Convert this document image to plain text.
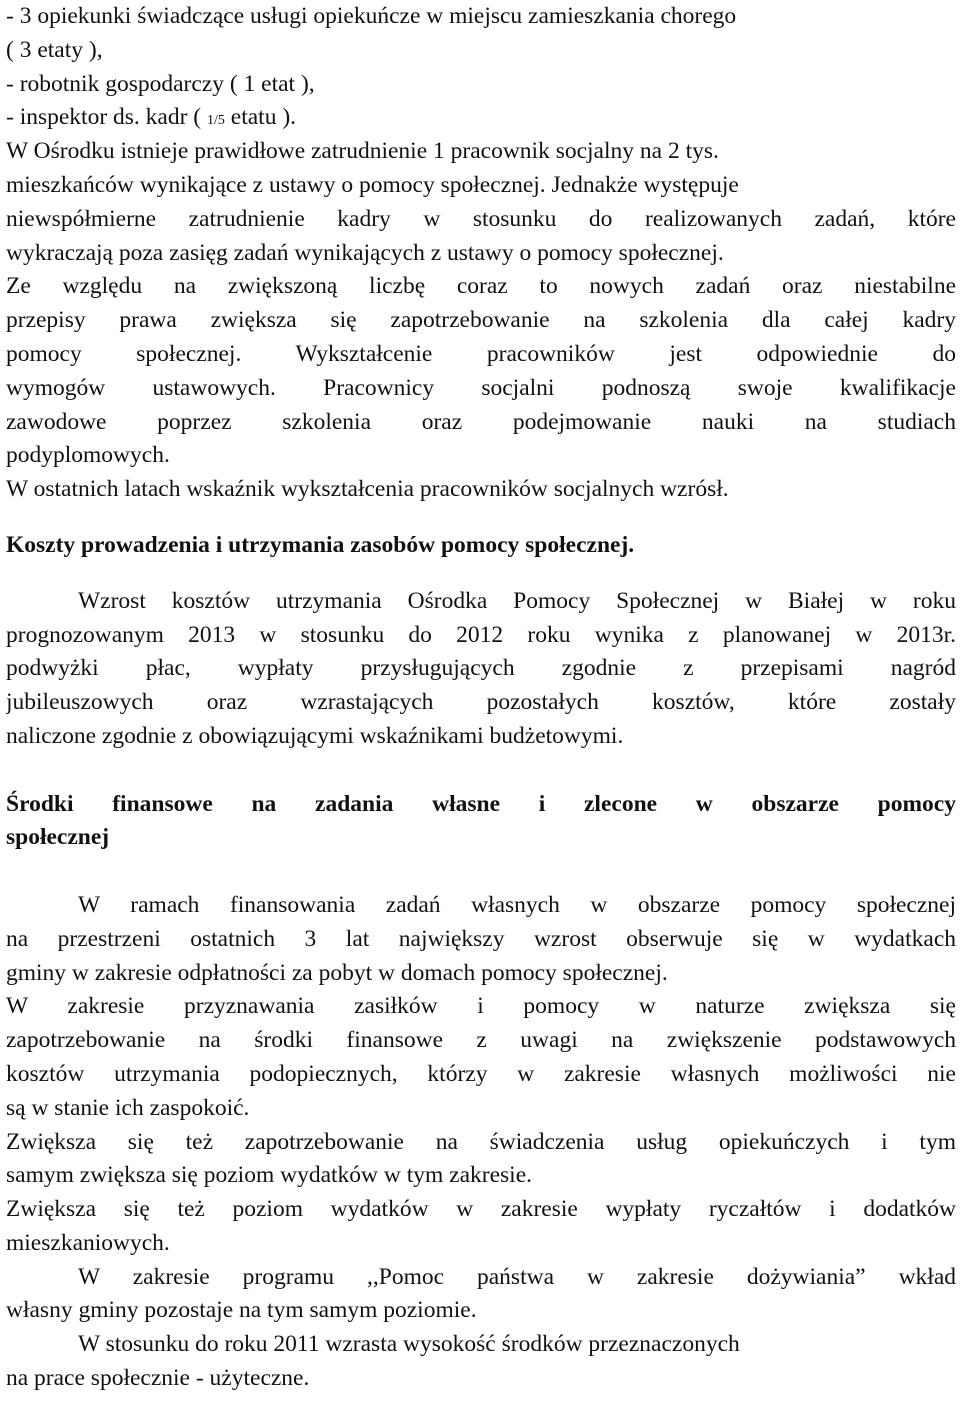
- 3 opiekunki świadczące usługi opiekuńcze w miejscu zamieszkania chorego
( 3 etaty ),
- robotnik gospodarczy ( 1 etat ),
- inspektor ds. kadr ( 1/5 etatu ).
W Ośrodku istnieje prawidłowe zatrudnienie 1 pracownik socjalny na 2 tys.
mieszkańców wynikające z ustawy o pomocy społecznej. Jednakże występuje
niewspółmierne zatrudnienie kadry w stosunku do realizowanych zadań, które
wykraczają poza zasięg zadań wynikających z ustawy o pomocy społecznej.
Ze względu na zwiększoną liczbę coraz to nowych zadań oraz niestabilne
przepisy prawa zwiększa się zapotrzebowanie na szkolenia dla całej kadry
pomocy społecznej. Wykształcenie pracowników jest odpowiednie do
wymogów ustawowych. Pracownicy socjalni podnoszą swoje kwalifikacje
zawodowe poprzez szkolenia oraz podejmowanie nauki na studiach
podyplomowych.
W ostatnich latach wskaźnik wykształcenia pracowników socjalnych wzrósł.
Koszty prowadzenia i utrzymania zasobów pomocy społecznej.
Wzrost kosztów utrzymania Ośrodka Pomocy Społecznej w Białej w roku
prognozowanym 2013 w stosunku do 2012 roku wynika z planowanej w 2013r.
podwyżki płac, wypłaty przysługujących zgodnie z przepisami nagród
jubileuszowych oraz wzrastających pozostałych kosztów, które zostały
naliczone zgodnie z obowiązującymi wskaźnikami budżetowymi.
Środki finansowe na zadania własne i zlecone w obszarze pomocy
społecznej
W ramach finansowania zadań własnych w obszarze pomocy społecznej
na przestrzeni ostatnich 3 lat największy wzrost obserwuje się w wydatkach
gminy w zakresie odpłatności za pobyt w domach pomocy społecznej.
W zakresie przyznawania zasiłków i pomocy w naturze zwiększa się
zapotrzebowanie na środki finansowe z uwagi na zwiększenie podstawowych
kosztów utrzymania podopiecznych, którzy w zakresie własnych możliwości nie
są w stanie ich zaspokoić.
Zwiększa się też zapotrzebowanie na świadczenia usług opiekuńczych i tym
samym zwiększa się poziom wydatków w tym zakresie.
Zwiększa się też poziom wydatków w zakresie wypłaty ryczałtów i dodatków
mieszkaniowych.
W zakresie programu ,,Pomoc państwa w zakresie dożywiania” wkład
własny gminy pozostaje na tym samym poziomie.
W stosunku do roku 2011 wzrasta wysokość środków przeznaczonych
na prace społecznie - użyteczne.
